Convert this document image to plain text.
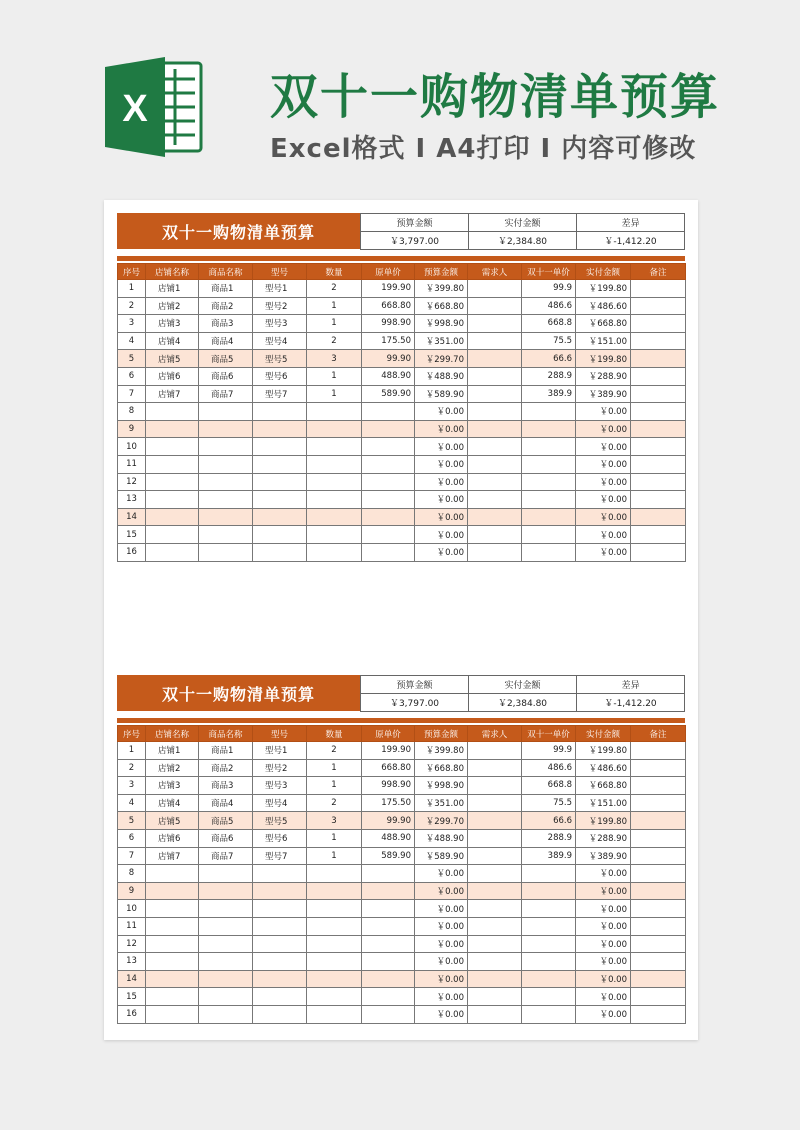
X	双十一购物清单预算
Excel格式 I A4打印 I 内容可修改
双十一购物清单预算	预算金额	实付金额	差异
￥3,797.00	￥2,384.80	￥-1,412.20
序号	店铺名称	商品名称	型号	数量	原单价	预算金额	需求人	双十一单价	实付金额	备注
1	店铺1	商品1	型号1	2	199.90	￥399.80		99.9	￥199.80	
2	店铺2	商品2	型号2	1	668.80	￥668.80		486.6	￥486.60	
3	店铺3	商品3	型号3	1	998.90	￥998.90		668.8	￥668.80	
4	店铺4	商品4	型号4	2	175.50	￥351.00		75.5	￥151.00	
5	店铺5	商品5	型号5	3	99.90	￥299.70		66.6	￥199.80	
6	店铺6	商品6	型号6	1	488.90	￥488.90		288.9	￥288.90	
7	店铺7	商品7	型号7	1	589.90	￥589.90		389.9	￥389.90	
8						￥0.00			￥0.00	
9						￥0.00			￥0.00	
10						￥0.00			￥0.00	
11						￥0.00			￥0.00	
12						￥0.00			￥0.00	
13						￥0.00			￥0.00	
14						￥0.00			￥0.00	
15						￥0.00			￥0.00	
16						￥0.00			￥0.00	
双十一购物清单预算	预算金额	实付金额	差异
￥3,797.00	￥2,384.80	￥-1,412.20
序号	店铺名称	商品名称	型号	数量	原单价	预算金额	需求人	双十一单价	实付金额	备注
1	店铺1	商品1	型号1	2	199.90	￥399.80		99.9	￥199.80	
2	店铺2	商品2	型号2	1	668.80	￥668.80		486.6	￥486.60	
3	店铺3	商品3	型号3	1	998.90	￥998.90		668.8	￥668.80	
4	店铺4	商品4	型号4	2	175.50	￥351.00		75.5	￥151.00	
5	店铺5	商品5	型号5	3	99.90	￥299.70		66.6	￥199.80	
6	店铺6	商品6	型号6	1	488.90	￥488.90		288.9	￥288.90	
7	店铺7	商品7	型号7	1	589.90	￥589.90		389.9	￥389.90	
8						￥0.00			￥0.00	
9						￥0.00			￥0.00	
10						￥0.00			￥0.00	
11						￥0.00			￥0.00	
12						￥0.00			￥0.00	
13						￥0.00			￥0.00	
14						￥0.00			￥0.00	
15						￥0.00			￥0.00	
16						￥0.00			￥0.00	
